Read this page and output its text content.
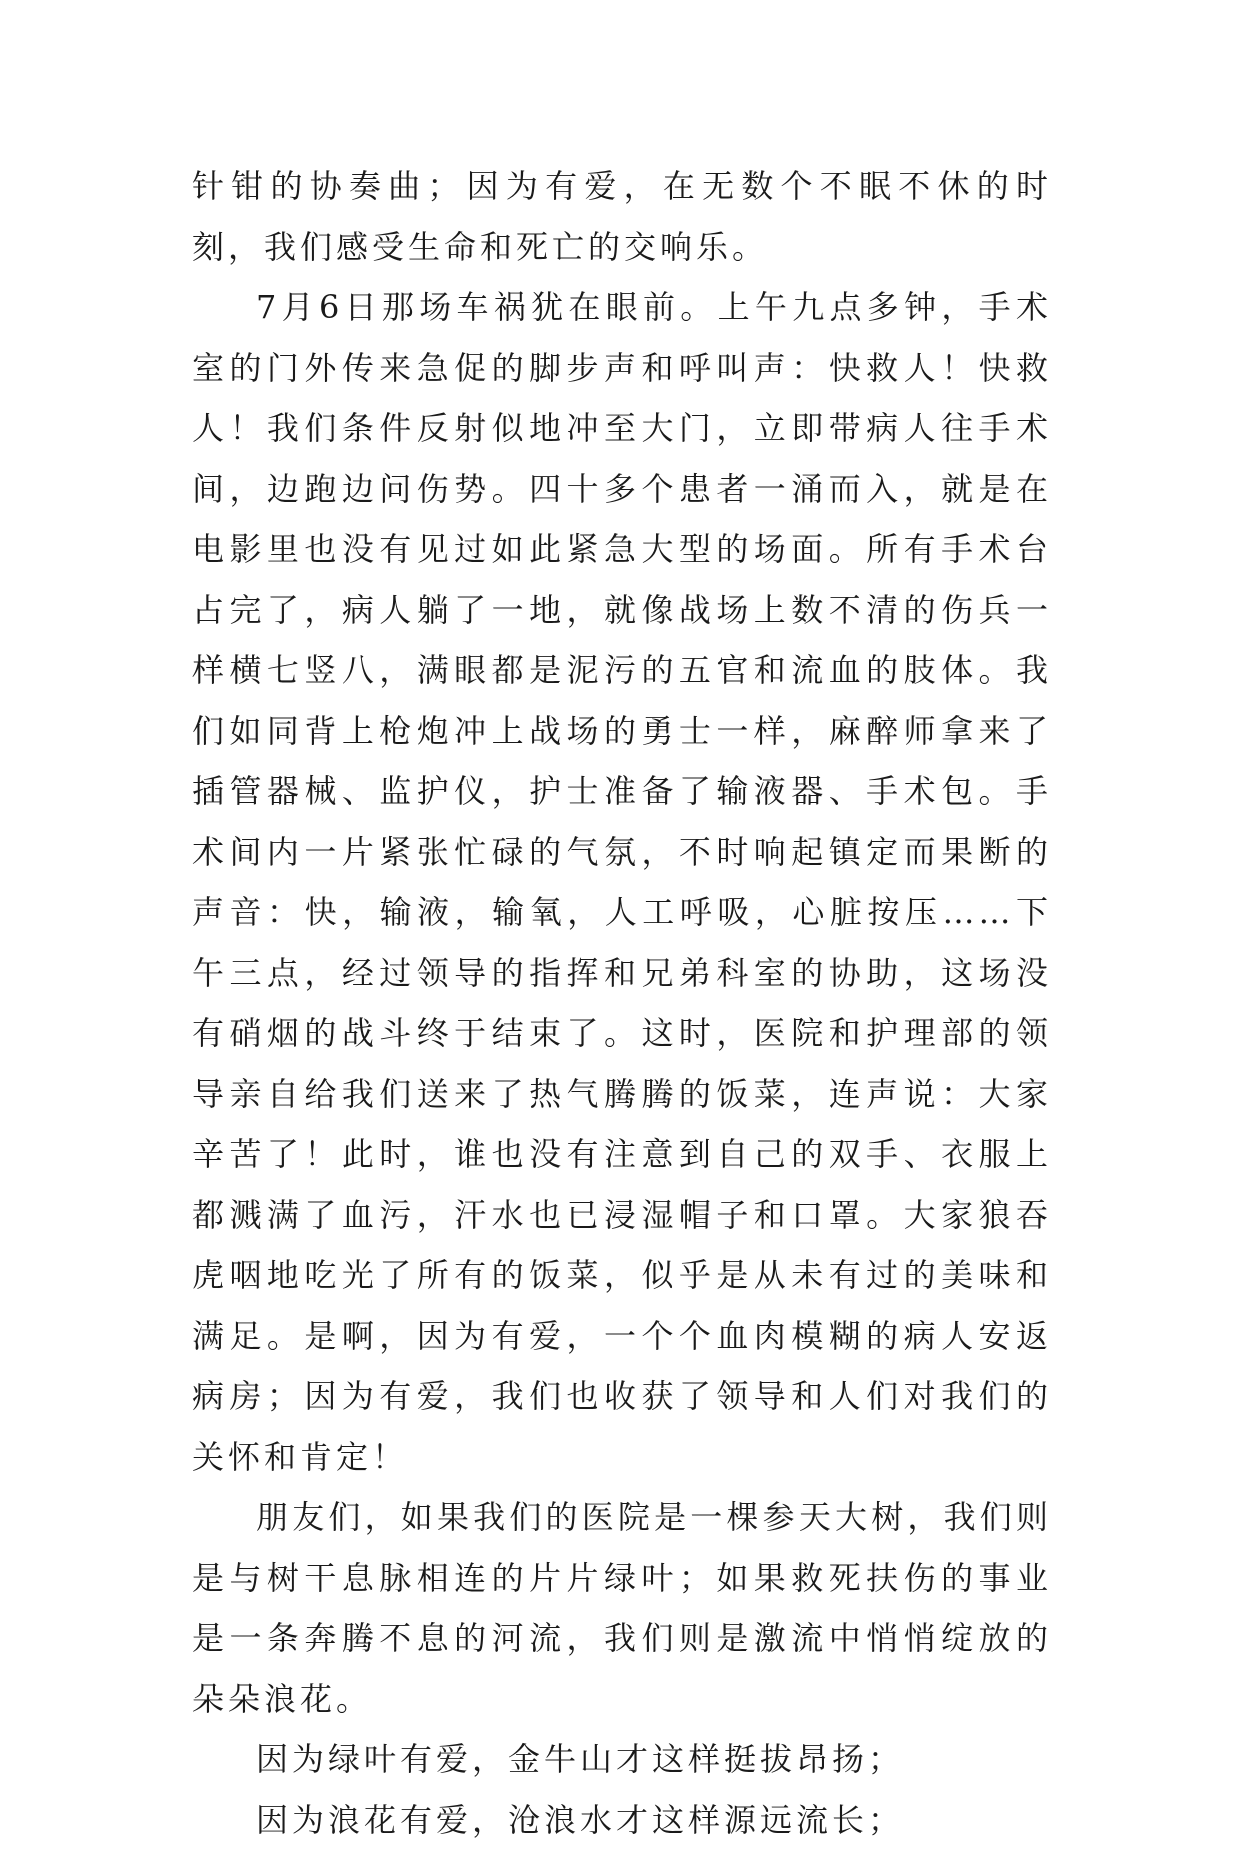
针钳的协奏曲；因为有爱，在无数个不眠不休的时刻，我们感受生命和死亡的交响乐。

7月6日那场车祸犹在眼前。上午九点多钟，手术室的门外传来急促的脚步声和呼叫声：快救人！快救人！我们条件反射似地冲至大门，立即带病人往手术间，边跑边问伤势。四十多个患者一涌而入，就是在电影里也没有见过如此紧急大型的场面。所有手术台占完了，病人躺了一地，就像战场上数不清的伤兵一样横七竖八，满眼都是泥污的五官和流血的肢体。我们如同背上枪炮冲上战场的勇士一样，麻醉师拿来了插管器械、监护仪，护士准备了输液器、手术包。手术间内一片紧张忙碌的气氛，不时响起镇定而果断的声音：快，输液，输氧，人工呼吸，心脏按压……下午三点，经过领导的指挥和兄弟科室的协助，这场没有硝烟的战斗终于结束了。这时，医院和护理部的领导亲自给我们送来了热气腾腾的饭菜，连声说：大家辛苦了！此时，谁也没有注意到自己的双手、衣服上都溅满了血污，汗水也已浸湿帽子和口罩。大家狼吞虎咽地吃光了所有的饭菜，似乎是从未有过的美味和满足。是啊，因为有爱，一个个血肉模糊的病人安返病房；因为有爱，我们也收获了领导和人们对我们的关怀和肯定！

朋友们，如果我们的医院是一棵参天大树，我们则是与树干息脉相连的片片绿叶；如果救死扶伤的事业是一条奔腾不息的河流，我们则是激流中悄悄绽放的朵朵浪花。

因为绿叶有爱，金牛山才这样挺拔昂扬；

因为浪花有爱，沧浪水才这样源远流长；
